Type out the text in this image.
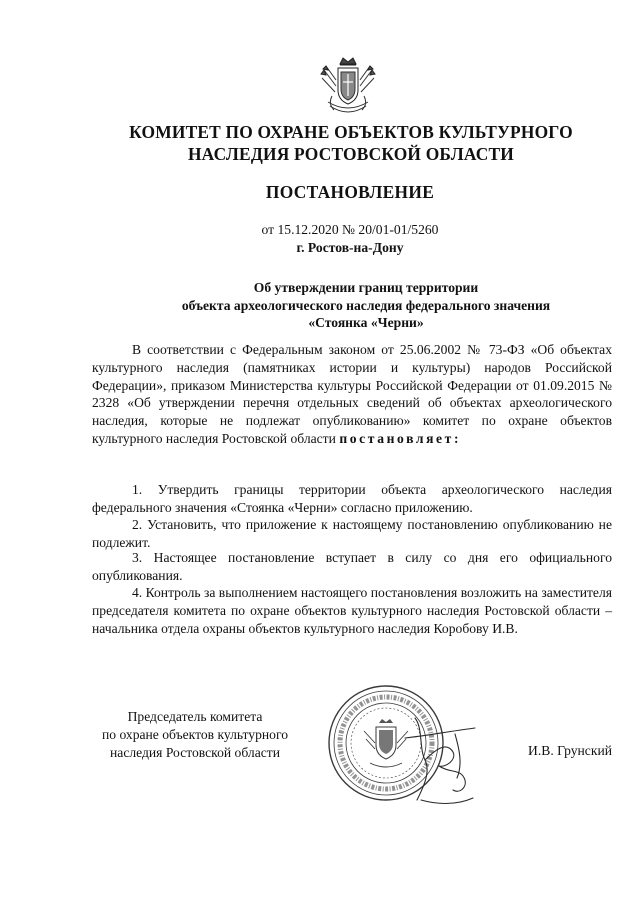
КОМИТЕТ ПО ОХРАНЕ ОБЪЕКТОВ КУЛЬТУРНОГО
НАСЛЕДИЯ РОСТОВСКОЙ ОБЛАСТИ
ПОСТАНОВЛЕНИЕ
от 15.12.2020 № 20/01-01/5260
г. Ростов-на-Дону
Об утверждении границ территории
объекта археологического наследия федерального значения
«Стоянка «Черни»

В соответствии с Федеральным законом от 25.06.2002 № 73-ФЗ «Об объектах культурного наследия (памятниках истории и культуры) народов Российской Федерации», приказом Министерства культуры Российской Федерации от 01.09.2015 № 2328 «Об утверждении перечня отдельных сведений об объектах археологического наследия, которые не подлежат опубликованию» комитет по охране объектов культурного наследия Ростовской области постановляет:

1. Утвердить границы территории объекта археологического наследия федерального значения «Стоянка «Черни» согласно приложению.

2. Установить, что приложение к настоящему постановлению опубликованию не подлежит.

3. Настоящее постановление вступает в силу со дня его официального опубликования.

4. Контроль за выполнением настоящего постановления возложить на заместителя председателя комитета по охране объектов культурного наследия Ростовской области – начальника отдела охраны объектов культурного наследия Коробову И.В.

Председатель комитета
по охране объектов культурного
наследия Ростовской области	И.В. Грунский
